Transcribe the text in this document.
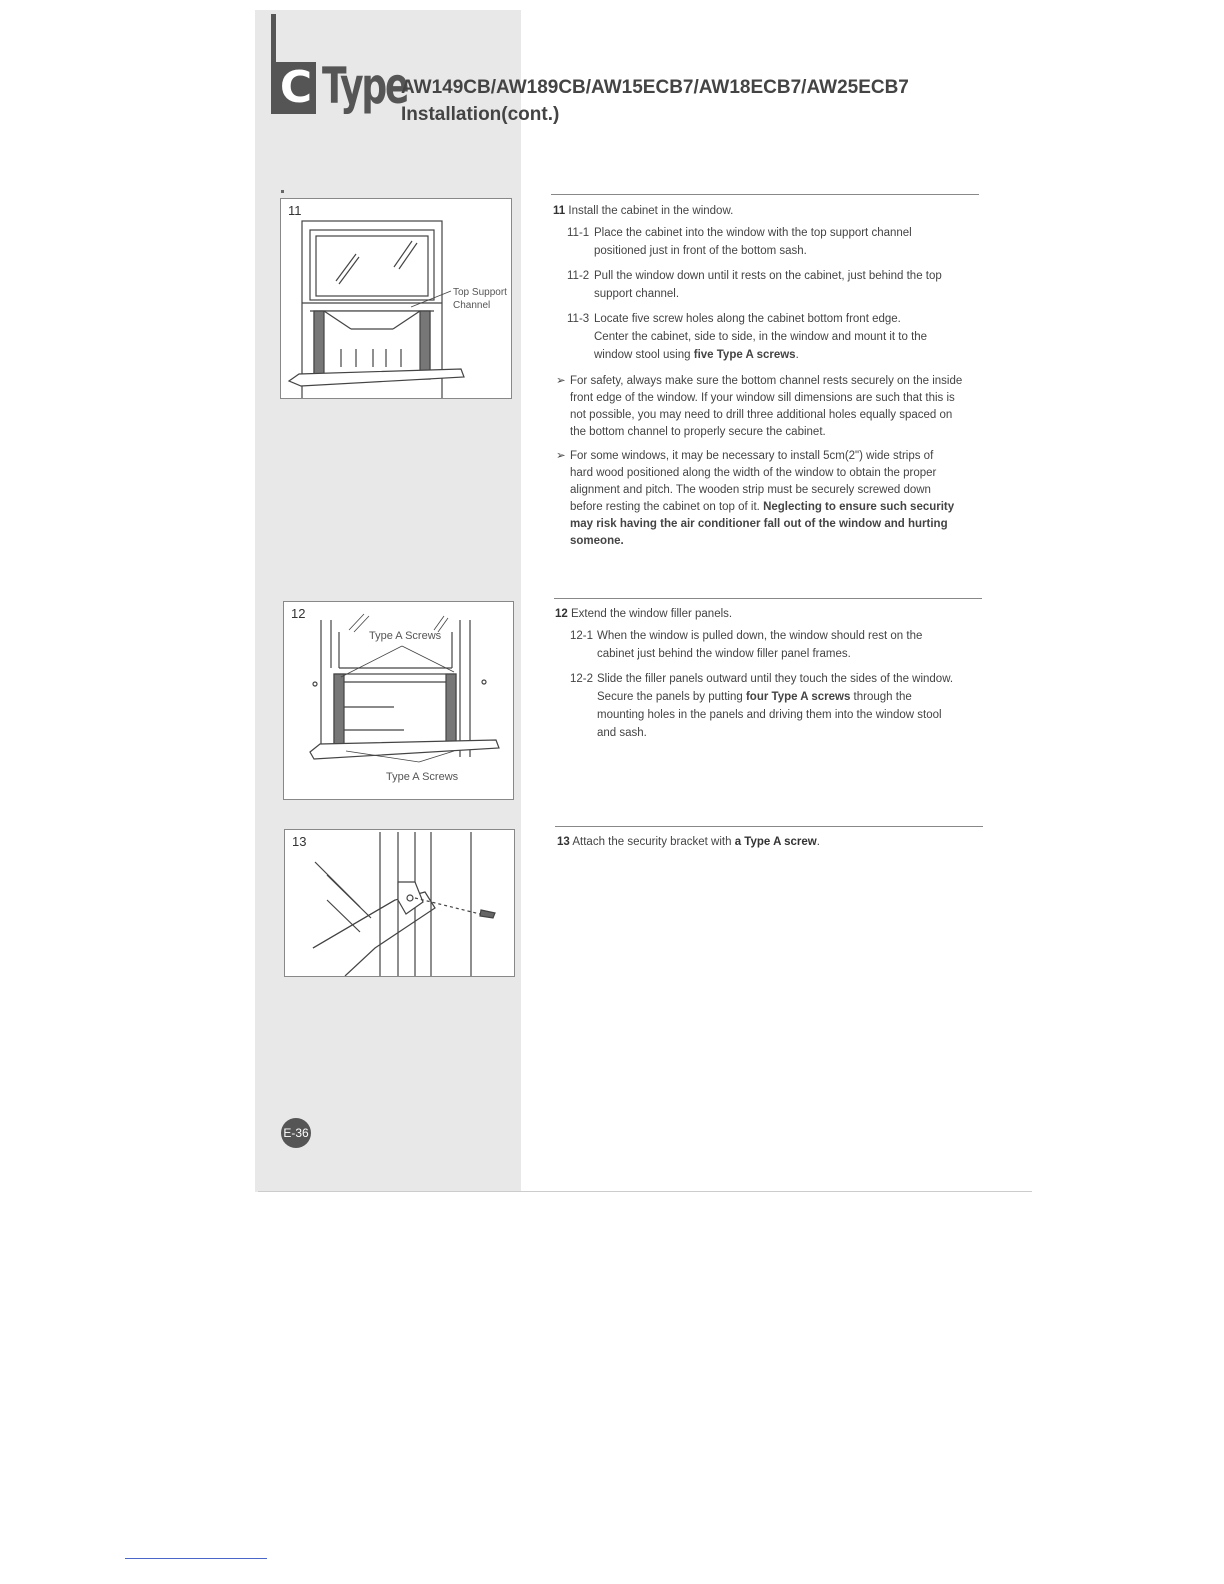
C Type
AW149CB/AW189CB/AW15ECB7/AW18ECB7/AW25ECB7
Installation(cont.)
11
Top Support
Channel
12
Type A Screws
Type A Screws
13
11 Install the cabinet in the window.
11-1 Place the cabinet into the window with the top support channel
positioned just in front of the bottom sash.
11-2 Pull the window down until it rests on the cabinet, just behind the top
support channel.
11-3 Locate five screw holes along the cabinet bottom front edge.
Center the cabinet, side to side, in the window and mount it to the
window stool using five Type A screws.
➢ For safety, always make sure the bottom channel rests securely on the inside
front edge of the window. If your window sill dimensions are such that this is
not possible, you may need to drill three additional holes equally spaced on
the bottom channel to properly secure the cabinet.
➢ For some windows, it may be necessary to install 5cm(2") wide strips of
hard wood positioned along the width of the window to obtain the proper
alignment and pitch. The wooden strip must be securely screwed down
before resting the cabinet on top of it. Neglecting to ensure such security
may risk having the air conditioner fall out of the window and hurting
someone.
12 Extend the window filler panels.
12-1 When the window is pulled down, the window should rest on the
cabinet just behind the window filler panel frames.
12-2 Slide the filler panels outward until they touch the sides of the window.
Secure the panels by putting four Type A screws through the
mounting holes in the panels and driving them into the window stool
and sash.
13 Attach the security bracket with a Type A screw.
E-36
